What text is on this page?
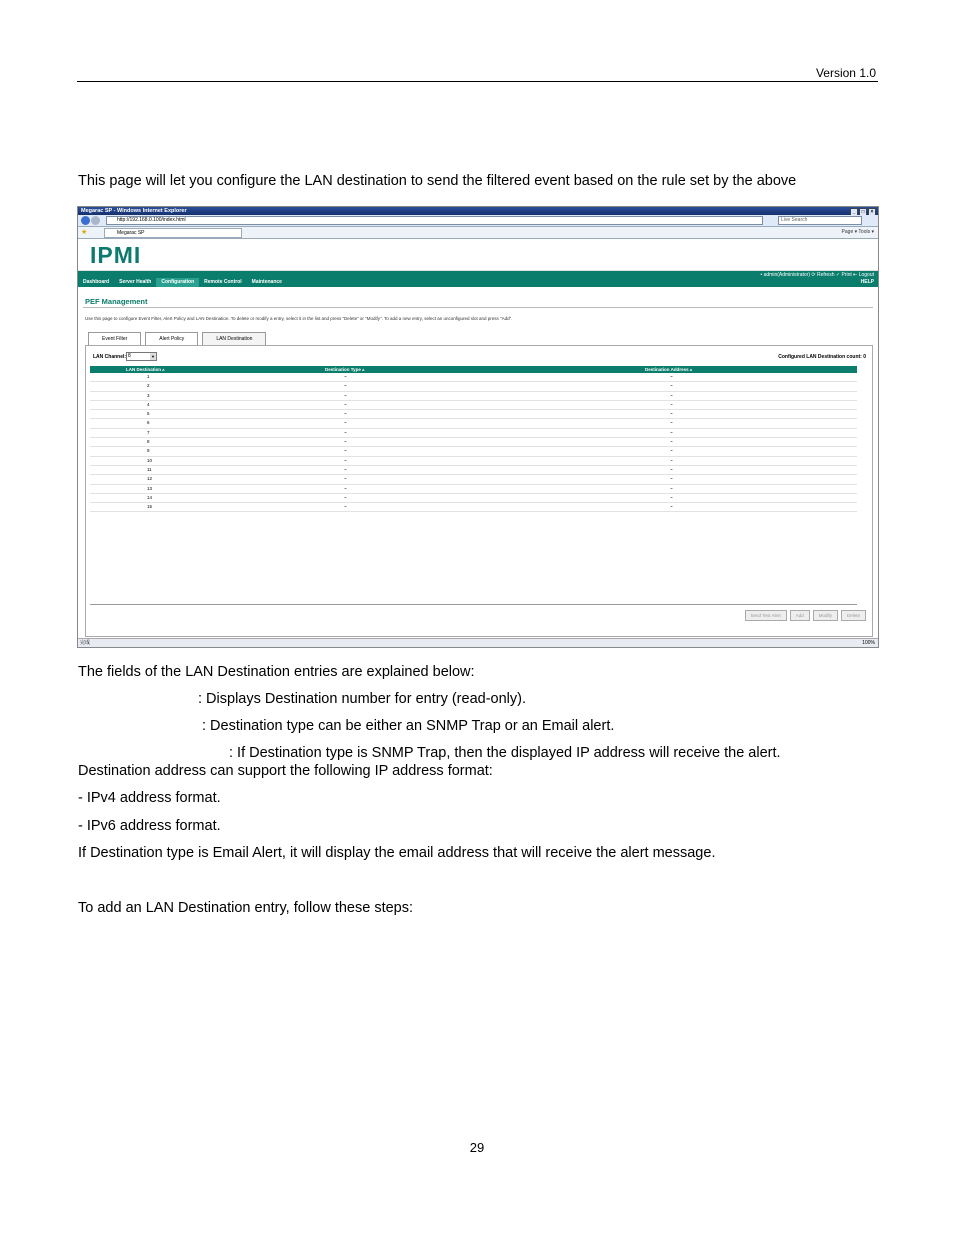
Version 1.0
This page will let you configure the LAN destination to send the filtered event based on the rule set by the above
Megarac SP - Windows Internet Explorer	_	□	×
http://192.168.0.100/index.html	Live Search
★	Megarac SP	Page ▾ Tools ▾
IPMI
• admin(Administrator) ⟳ Refresh ✓ Print ⇤ Logout
Dashboard	Server Health	Configuration	Remote Control	Maintenance	HELP
PEF Management
Use this page to configure Event Filter, Alert Policy and LAN Destination. To delete or modify a entry, select it in the list and press "Delete" or "Modify". To add a new entry, select an unconfigured slot and press "Add".
Event Filter	Alert Policy	LAN Destination
LAN Channel: 8 ▼	Configured LAN Destination count: 0
LAN Destination ▵	Destination Type ▵	Destination Address ▵
1	~	~
2	~	~
3	~	~
4	~	~
5	~	~
6	~	~
7	~	~
8	~	~
9	~	~
10	~	~
11	~	~
12	~	~
13	~	~
14	~	~
15	~	~
Send Test Alert	Add	Modify	Delete
完成	100%
The fields of the LAN Destination entries are explained below:
: Displays Destination number for entry (read-only).
: Destination type can be either an SNMP Trap or an Email alert.
: If Destination type is SNMP Trap, then the displayed IP address will receive the alert.
Destination address can support the following IP address format:
- IPv4 address format.
- IPv6 address format.
If Destination type is Email Alert, it will display the email address that will receive the alert message.
To add an LAN Destination entry, follow these steps:
29
